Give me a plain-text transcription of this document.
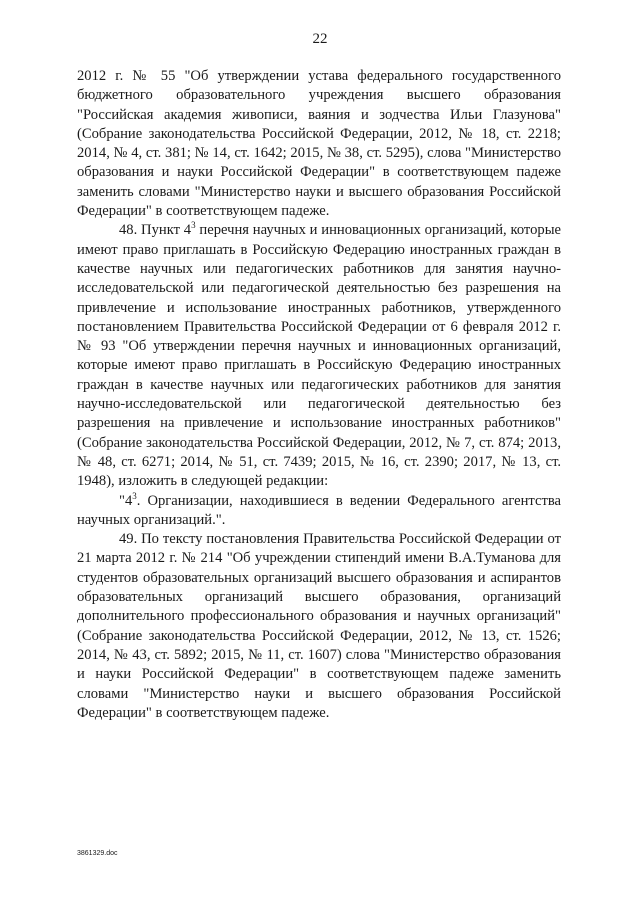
22

2012 г. № 55 "Об утверждении устава федерального государственного бюджетного образовательного учреждения высшего образования "Российская академия живописи, ваяния и зодчества Ильи Глазунова" (Собрание законодательства Российской Федерации, 2012, № 18, ст. 2218; 2014, № 4, ст. 381; № 14, ст. 1642; 2015, № 38, ст. 5295), слова "Министерство образования и науки Российской Федерации" в соответствующем падеже заменить словами "Министерство науки и высшего образования Российской Федерации" в соответствующем падеже.

48. Пункт $4^3$ перечня научных и инновационных организаций, которые имеют право приглашать в Российскую Федерацию иностранных граждан в качестве научных или педагогических работников для занятия научно-исследовательской или педагогической деятельностью без разрешения на привлечение и использование иностранных работников, утвержденного постановлением Правительства Российской Федерации от 6 февраля 2012 г. № 93 "Об утверждении перечня научных и инновационных организаций, которые имеют право приглашать в Российскую Федерацию иностранных граждан в качестве научных или педагогических работников для занятия научно-исследовательской или педагогической деятельностью без разрешения на привлечение и использование иностранных работников" (Собрание законодательства Российской Федерации, 2012, № 7, ст. 874; 2013, № 48, ст. 6271; 2014, № 51, ст. 7439; 2015, № 16, ст. 2390; 2017, № 13, ст. 1948), изложить в следующей редакции:

"$4^3$. Организации, находившиеся в ведении Федерального агентства научных организаций.".

49. По тексту постановления Правительства Российской Федерации от 21 марта 2012 г. № 214 "Об учреждении стипендий имени В.А.Туманова для студентов образовательных организаций высшего образования и аспирантов образовательных организаций высшего образования, организаций дополнительного профессионального образования и научных организаций" (Собрание законодательства Российской Федерации, 2012, № 13, ст. 1526; 2014, № 43, ст. 5892; 2015, № 11, ст. 1607) слова "Министерство образования и науки Российской Федерации" в соответствующем падеже заменить словами "Министерство науки и высшего образования Российской Федерации" в соответствующем падеже.

3861329.doc
